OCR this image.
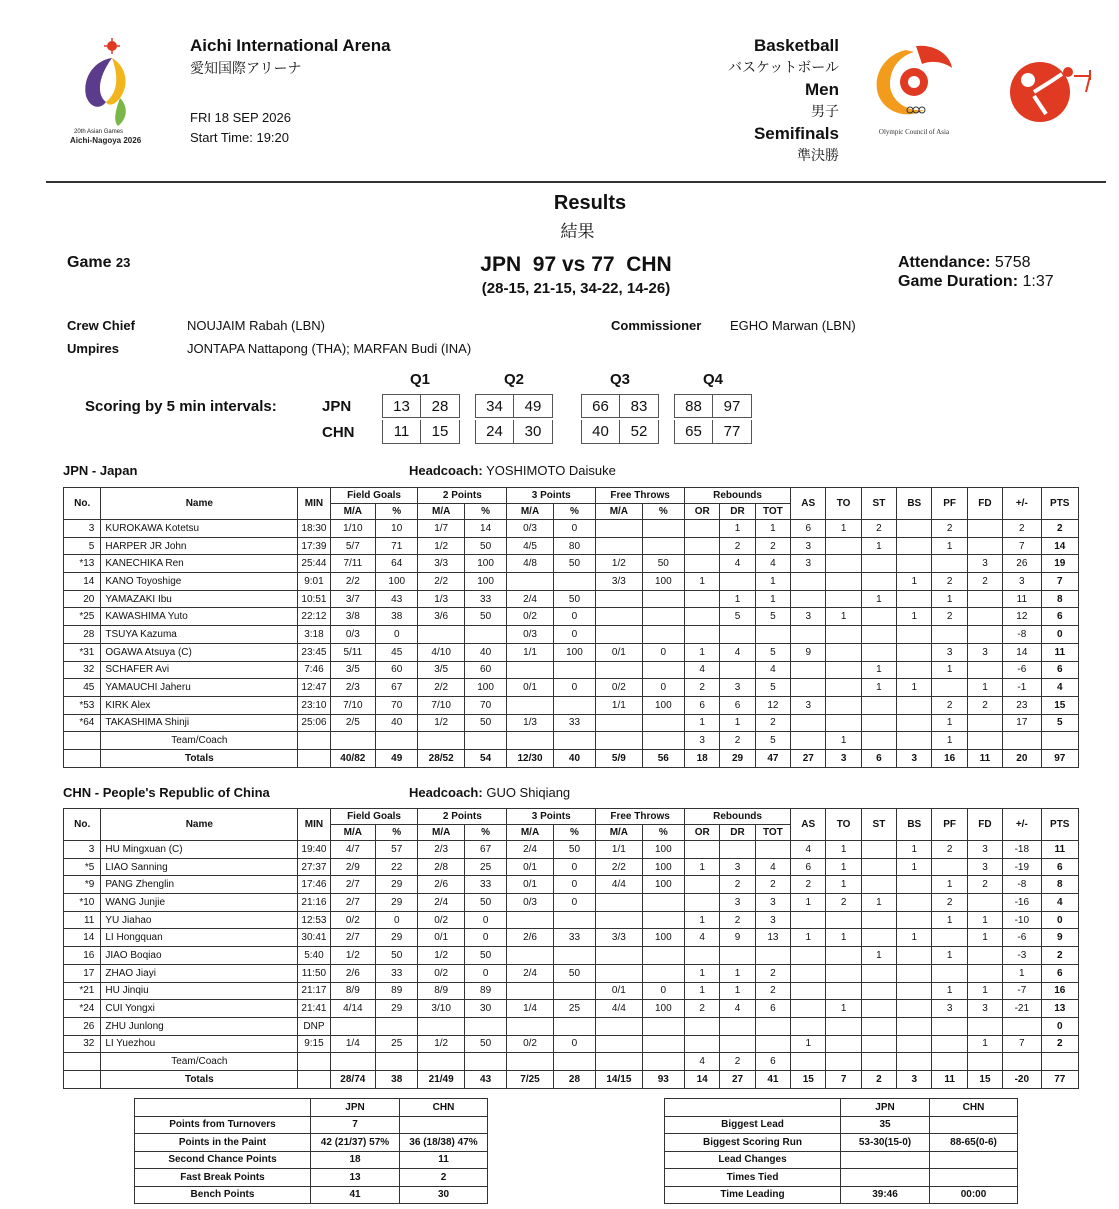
20th Asian Games
Aichi-Nagoya 2026
Aichi International Arena
愛知国際アリーナ
FRI 18 SEP 2026
Start Time: 19:20
Basketball
バスケットボール
Men
男子
Semifinals
準決勝
Olympic Council of Asia
Results
結果
Game 23	JPN  97 vs 77  CHN
(28-15, 21-15, 34-22, 14-26)
Attendance: 5758
Game Duration: 1:37
Crew Chief	NOUJAIM Rabah (LBN)
Umpires	JONTAPA Nattapong (THA); MARFAN Budi (INA)
Commissioner EGHO Marwan (LBN)
Q1	Q2	Q3	Q4
Scoring by 5 min intervals:	JPN
CHN
13	28	34	49	66	83	88	97
11	15	24	30	40	52	65	77
JPN - Japan	Headcoach: YOSHIMOTO Daisuke
No.	Name	MIN	Field Goals		2 Points		3 Points		Free Throws		Rebounds			AS	TO	ST	BS	PF	FD	+/-	PTS
			M/A	%	M/A	%	M/A	%	M/A	%	OR	DR	TOT								
3	KUROKAWA Kotetsu	18:30	1/10	10	1/7	14	0/3	0				1	1	6	1	2		2		2	2
5	HARPER JR John	17:39	5/7	71	1/2	50	4/5	80				2	2	3		1		1		7	14
*13	KANECHIKA Ren	25:44	7/11	64	3/3	100	4/8	50	1/2	50		4	4	3					3	26	19
14	KANO Toyoshige	9:01	2/2	100	2/2	100			3/3	100	1		1				1	2	2	3	7
20	YAMAZAKI Ibu	10:51	3/7	43	1/3	33	2/4	50				1	1			1		1		11	8
*25	KAWASHIMA Yuto	22:12	3/8	38	3/6	50	0/2	0				5	5	3	1		1	2		12	6
28	TSUYA Kazuma	3:18	0/3	0			0/3	0												-8	0
*31	OGAWA Atsuya (C)	23:45	5/11	45	4/10	40	1/1	100	0/1	0	1	4	5	9				3	3	14	11
32	SCHAFER Avi	7:46	3/5	60	3/5	60					4		4			1		1		-6	6
45	YAMAUCHI Jaheru	12:47	2/3	67	2/2	100	0/1	0	0/2	0	2	3	5			1	1		1	-1	4
*53	KIRK Alex	23:10	7/10	70	7/10	70			1/1	100	6	6	12	3				2	2	23	15
*64	TAKASHIMA Shinji	25:06	2/5	40	1/2	50	1/3	33			1	1	2					1		17	5
	Team/Coach										3	2	5		1			1			
	Totals		40/82	49	28/52	54	12/30	40	5/9	56	18	29	47	27	3	6	3	16	11	20	97
CHN - People's Republic of China	Headcoach: GUO Shiqiang
No.	Name	MIN	Field Goals		2 Points		3 Points		Free Throws		Rebounds			AS	TO	ST	BS	PF	FD	+/-	PTS
			M/A	%	M/A	%	M/A	%	M/A	%	OR	DR	TOT								
3	HU Mingxuan (C)	19:40	4/7	57	2/3	67	2/4	50	1/1	100				4	1		1	2	3	-18	11
*5	LIAO Sanning	27:37	2/9	22	2/8	25	0/1	0	2/2	100	1	3	4	6	1		1		3	-19	6
*9	PANG Zhenglin	17:46	2/7	29	2/6	33	0/1	0	4/4	100		2	2	2	1			1	2	-8	8
*10	WANG Junjie	21:16	2/7	29	2/4	50	0/3	0				3	3	1	2	1		2		-16	4
11	YU Jiahao	12:53	0/2	0	0/2	0					1	2	3					1	1	-10	0
14	LI Hongquan	30:41	2/7	29	0/1	0	2/6	33	3/3	100	4	9	13	1	1		1		1	-6	9
16	JIAO Boqiao	5:40	1/2	50	1/2	50										1		1		-3	2
17	ZHAO Jiayi	11:50	2/6	33	0/2	0	2/4	50			1	1	2							1	6
*21	HU Jinqiu	21:17	8/9	89	8/9	89			0/1	0	1	1	2					1	1	-7	16
*24	CUI Yongxi	21:41	4/14	29	3/10	30	1/4	25	4/4	100	2	4	6		1			3	3	-21	13
26	ZHU Junlong	DNP																			0
32	LI Yuezhou	9:15	1/4	25	1/2	50	0/2	0						1					1	7	2
	Team/Coach										4	2	6								
	Totals		28/74	38	21/49	43	7/25	28	14/15	93	14	27	41	15	7	2	3	11	15	-20	77
	JPN	CHN
Points from Turnovers	7	
Points in the Paint	42 (21/37) 57%	36 (18/38) 47%
Second Chance Points	18	11
Fast Break Points	13	2
Bench Points	41	30
	JPN	CHN
Biggest Lead	35	
Biggest Scoring Run	53-30(15-0)	88-65(0-6)
Lead Changes		
Times Tied		
Time Leading	39:46	00:00
